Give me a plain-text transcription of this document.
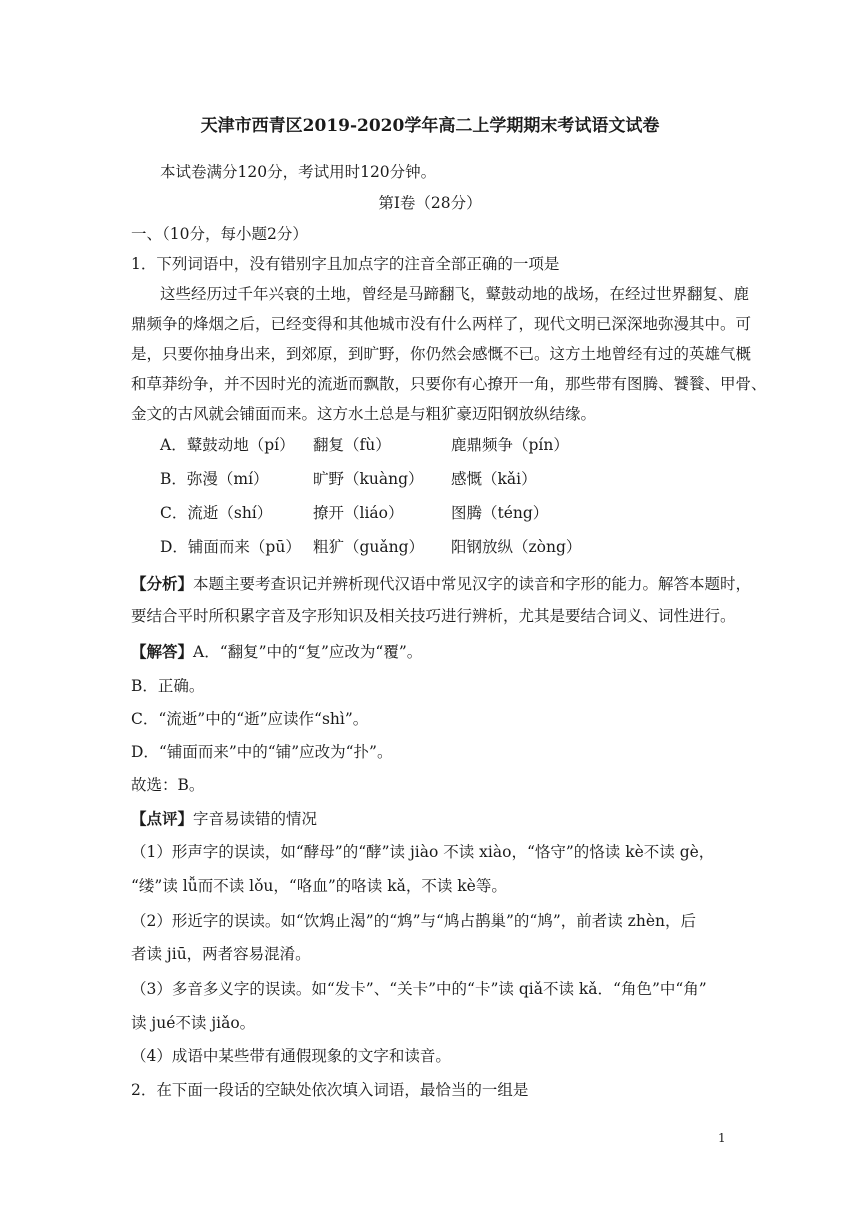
天津市西青区2019-2020学年高二上学期期末考试语文试卷
本试卷满分120分，考试用时120分钟。
第Ⅰ卷（28分）
一、（10分，每小题2分）
1．下列词语中，没有错别字且加点字的注音全部正确的一项是
这些经历过千年兴衰的土地，曾经是马蹄翻飞，鼙鼓动地的战场，在经过世界翻复、鹿
鼎频争的烽烟之后，已经变得和其他城市没有什么两样了，现代文明已深深地弥漫其中。可
是，只要你抽身出来，到郊原，到旷野，你仍然会感慨不已。这方土地曾经有过的英雄气概
和草莽纷争，并不因时光的流逝而飘散，只要你有心撩开一角，那些带有图腾、饕餮、甲骨、
金文的古风就会铺面而来。这方水土总是与粗犷豪迈阳钢放纵结缘。
A．鼙鼓动地（pí） 翻复（fù）	鹿鼎频争（pín）
B．弥漫（mí）	旷野（kuàng） 感慨（kǎi）
C．流逝（shí）	撩开（liáo）	图腾（téng）
D．铺面而来（pū） 粗犷（guǎng） 阳钢放纵（zòng）
【分析】本题主要考查识记并辨析现代汉语中常见汉字的读音和字形的能力。解答本题时，
要结合平时所积累字音及字形知识及相关技巧进行辨析，尤其是要结合词义、词性进行。
【解答】A．“翻复”中的“复”应改为“覆”。
B．正确。
C．“流逝”中的“逝”应读作“shì”。
D．“铺面而来”中的“铺”应改为“扑”。
故选：B。
【点评】字音易读错的情况
（1）形声字的误读，如“酵母”的“酵”读 jiào 不读 xiào，“恪守”的恪读 kè不读 gè，
“缕”读 lǚ而不读 lǒu，“咯血”的咯读 kǎ，不读 kè等。
（2）形近字的误读。如“饮鸩止渴”的“鸩”与“鸠占鹊巢”的“鸠”，前者读 zhèn，后
者读 jiū，两者容易混淆。
（3）多音多义字的误读。如“发卡”、“关卡”中的“卡”读 qiǎ不读 kǎ．“角色”中“角”
读 jué不读 jiǎo。
（4）成语中某些带有通假现象的文字和读音。
2．在下面一段话的空缺处依次填入词语，最恰当的一组是
1
